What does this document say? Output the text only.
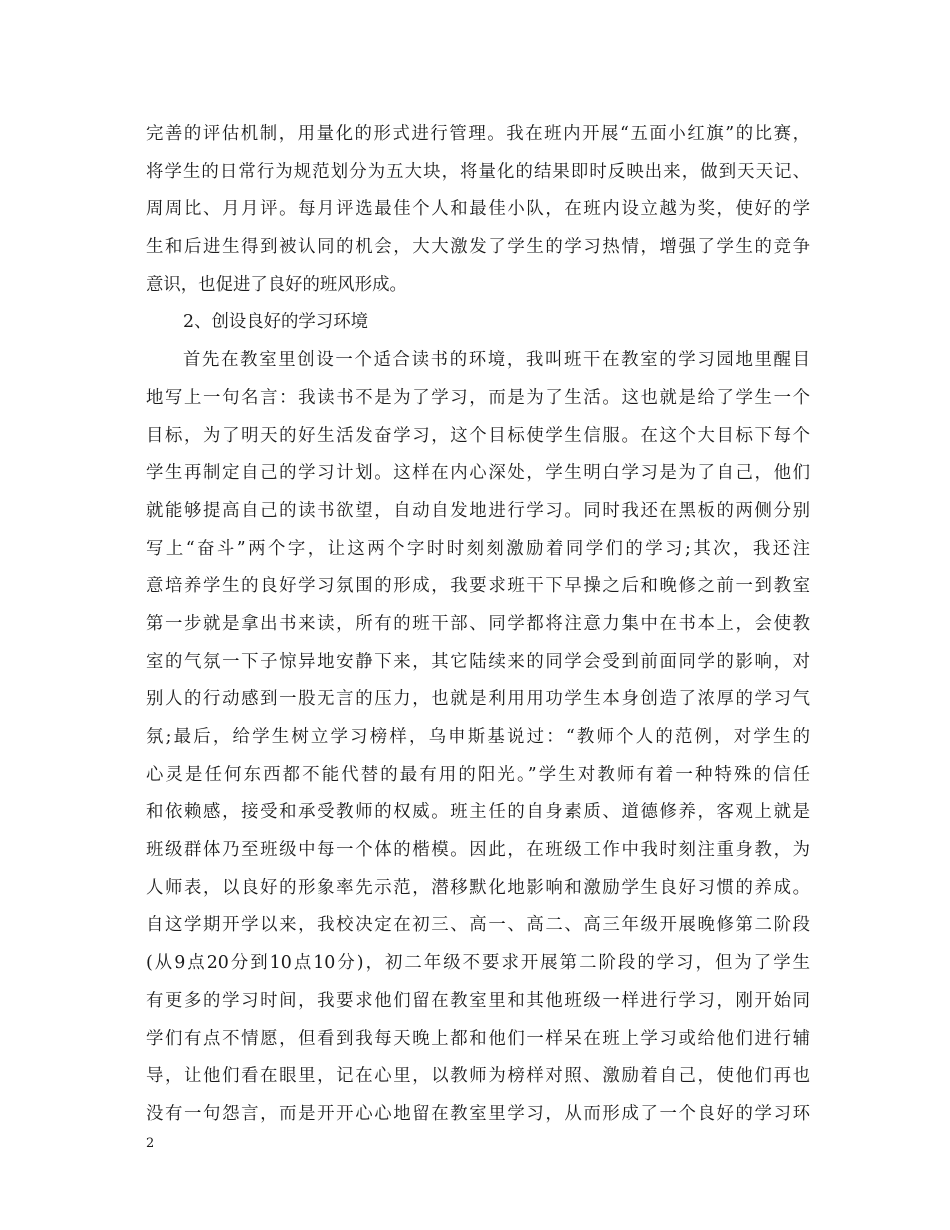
完善的评估机制，用量化的形式进行管理。我在班内开展“五面小红旗”的比赛，
将学生的日常行为规范划分为五大块，将量化的结果即时反映出来，做到天天记、
周周比、月月评。每月评选最佳个人和最佳小队，在班内设立越为奖，使好的学
生和后进生得到被认同的机会，大大激发了学生的学习热情，增强了学生的竞争
意识，也促进了良好的班风形成。
2、创设良好的学习环境
首先在教室里创设一个适合读书的环境，我叫班干在教室的学习园地里醒目
地写上一句名言：我读书不是为了学习，而是为了生活。这也就是给了学生一个
目标，为了明天的好生活发奋学习，这个目标使学生信服。在这个大目标下每个
学生再制定自己的学习计划。这样在内心深处，学生明白学习是为了自己，他们
就能够提高自己的读书欲望，自动自发地进行学习。同时我还在黑板的两侧分别
写上“奋斗”两个字，让这两个字时时刻刻激励着同学们的学习;其次，我还注
意培养学生的良好学习氛围的形成，我要求班干下早操之后和晚修之前一到教室
第一步就是拿出书来读，所有的班干部、同学都将注意力集中在书本上，会使教
室的气氛一下子惊异地安静下来，其它陆续来的同学会受到前面同学的影响，对
别人的行动感到一股无言的压力，也就是利用用功学生本身创造了浓厚的学习气
氛;最后，给学生树立学习榜样，乌申斯基说过：“教师个人的范例，对学生的
心灵是任何东西都不能代替的最有用的阳光。”学生对教师有着一种特殊的信任
和依赖感，接受和承受教师的权威。班主任的自身素质、道德修养，客观上就是
班级群体乃至班级中每一个体的楷模。因此，在班级工作中我时刻注重身教，为
人师表，以良好的形象率先示范，潜移默化地影响和激励学生良好习惯的养成。
自这学期开学以来，我校决定在初三、高一、高二、高三年级开展晚修第二阶段
(从9点20分到10点10分)，初二年级不要求开展第二阶段的学习，但为了学生
有更多的学习时间，我要求他们留在教室里和其他班级一样进行学习，刚开始同
学们有点不情愿，但看到我每天晚上都和他们一样呆在班上学习或给他们进行辅
导，让他们看在眼里，记在心里，以教师为榜样对照、激励着自己，使他们再也
没有一句怨言，而是开开心心地留在教室里学习，从而形成了一个良好的学习环
2
